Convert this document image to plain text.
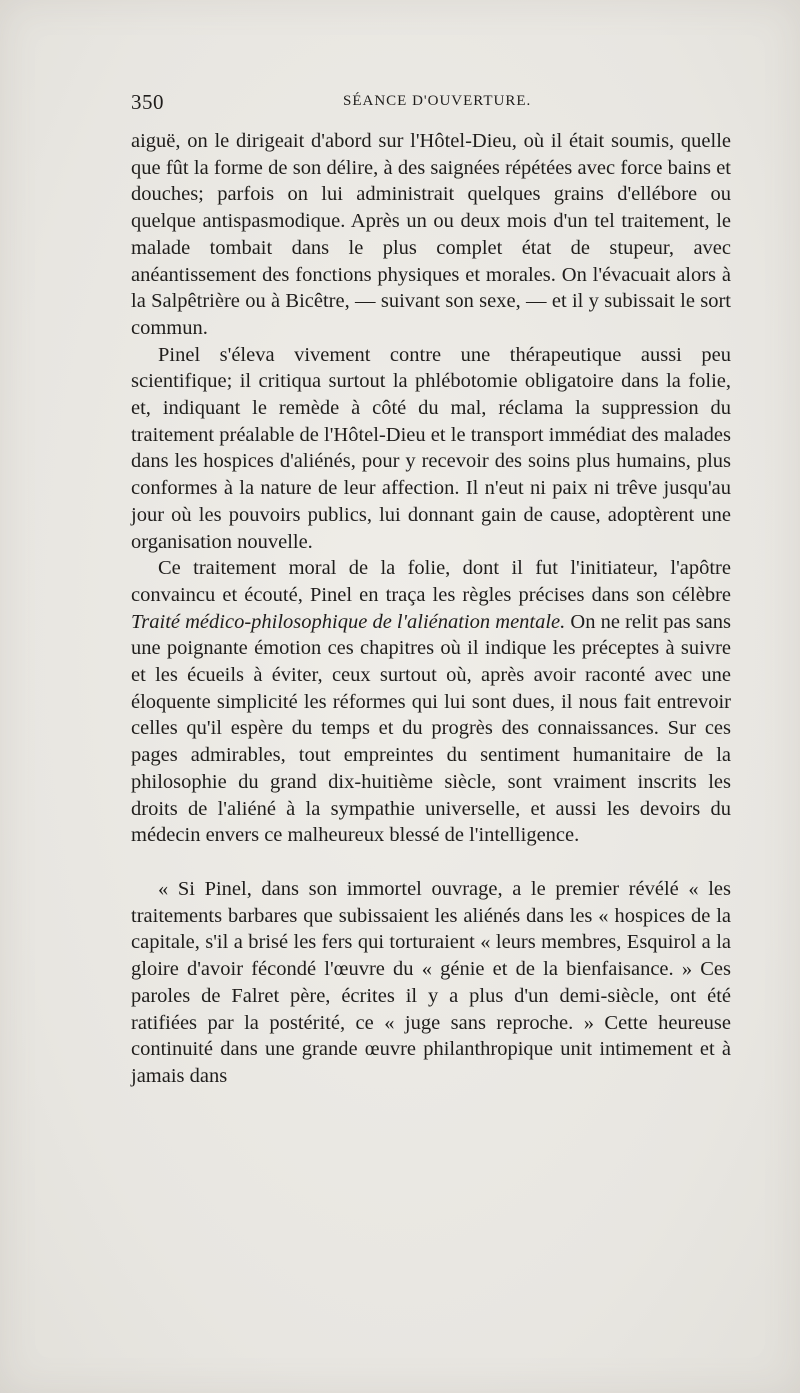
350	SÉANCE D'OUVERTURE.

aiguë, on le dirigeait d'abord sur l'Hôtel-Dieu, où il était soumis, quelle que fût la forme de son délire, à des saignées répétées avec force bains et douches; parfois on lui administrait quelques grains d'ellébore ou quelque antispasmodique. Après un ou deux mois d'un tel traitement, le malade tombait dans le plus complet état de stupeur, avec anéantissement des fonctions physiques et morales. On l'évacuait alors à la Salpêtrière ou à Bicêtre, — suivant son sexe, — et il y subissait le sort commun.

Pinel s'éleva vivement contre une thérapeutique aussi peu scientifique; il critiqua surtout la phlébotomie obligatoire dans la folie, et, indiquant le remède à côté du mal, réclama la suppression du traitement préalable de l'Hôtel-Dieu et le transport immédiat des malades dans les hospices d'aliénés, pour y recevoir des soins plus humains, plus conformes à la nature de leur affection. Il n'eut ni paix ni trêve jusqu'au jour où les pouvoirs publics, lui donnant gain de cause, adoptèrent une organisation nouvelle.

Ce traitement moral de la folie, dont il fut l'initiateur, l'apôtre convaincu et écouté, Pinel en traça les règles précises dans son célèbre Traité médico-philosophique de l'aliénation mentale. On ne relit pas sans une poignante émotion ces chapitres où il indique les préceptes à suivre et les écueils à éviter, ceux surtout où, après avoir raconté avec une éloquente simplicité les réformes qui lui sont dues, il nous fait entrevoir celles qu'il espère du temps et du progrès des connaissances. Sur ces pages admirables, tout empreintes du sentiment humanitaire de la philosophie du grand dix-huitième siècle, sont vraiment inscrits les droits de l'aliéné à la sympathie universelle, et aussi les devoirs du médecin envers ce malheureux blessé de l'intelligence.

« Si Pinel, dans son immortel ouvrage, a le premier révélé « les traitements barbares que subissaient les aliénés dans les « hospices de la capitale, s'il a brisé les fers qui torturaient « leurs membres, Esquirol a la gloire d'avoir fécondé l'œuvre du « génie et de la bienfaisance. » Ces paroles de Falret père, écrites il y a plus d'un demi-siècle, ont été ratifiées par la postérité, ce « juge sans reproche. » Cette heureuse continuité dans une grande œuvre philanthropique unit intimement et à jamais dans
